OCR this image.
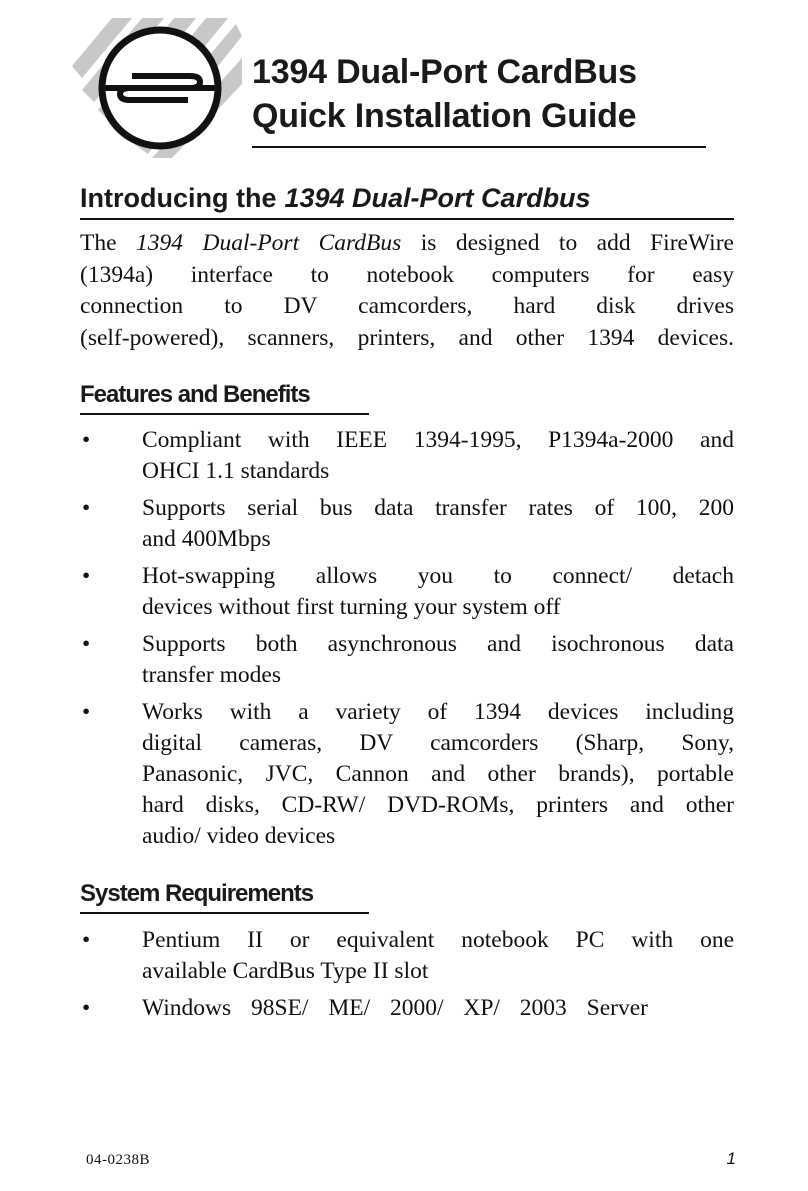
1394 Dual-Port CardBus
Quick Installation Guide
Introducing the 1394 Dual-Port Cardbus

The 1394 Dual-Port CardBus is designed to add FireWire
(1394a) interface to notebook computers for easy
connection to DV camcorders, hard disk drives
(self-powered), scanners, printers, and other 1394 devices.

Features and Benefits
• Compliant with IEEE 1394-1995, P1394a-2000 and
OHCI 1.1 standards
• Supports serial bus data transfer rates of 100, 200
and 400Mbps
• Hot-swapping allows you to connect/ detach
devices without first turning your system off
• Supports both asynchronous and isochronous data
transfer modes
• Works with a variety of 1394 devices including
digital cameras, DV camcorders (Sharp, Sony,
Panasonic, JVC, Cannon and other brands), portable
hard disks, CD-RW/ DVD-ROMs, printers and other
audio/ video devices
System Requirements
• Pentium II or equivalent notebook PC with one
available CardBus Type II slot
• Windows 98SE/ ME/ 2000/ XP/ 2003 Server
04-0238B	1
